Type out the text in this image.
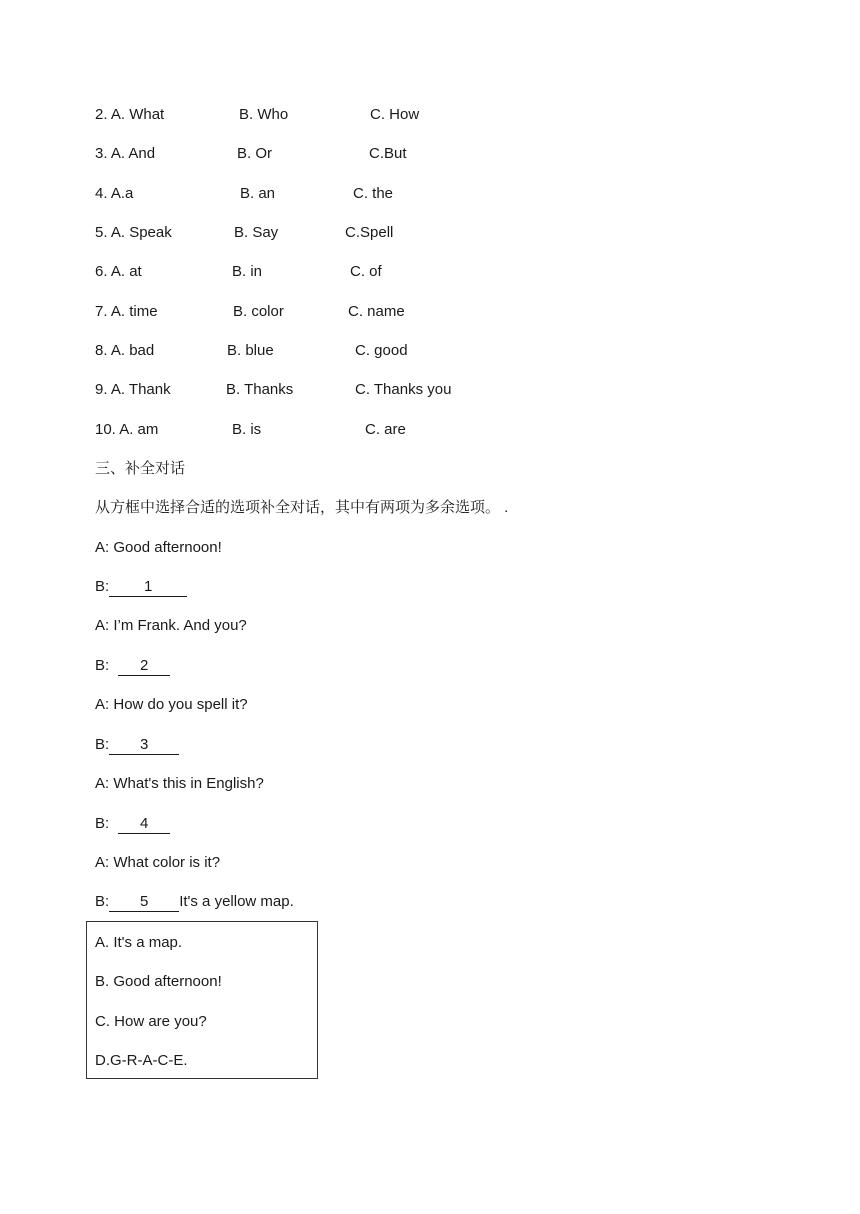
2. A. What	B. Who	C. How
3. A. And	B. Or	C.But
4. A.a	B. an	C. the
5. A. Speak	B. Say	C.Spell
6. A. at	B. in	C. of
7. A. time	B. color	C. name
8. A. bad	B. blue	C. good
9. A. Thank	B. Thanks	C. Thanks you
10. A. am	B. is	C. are
三、补全对话
从方框中选择合适的选项补全对话，其中有两项为多余选项。 .
A: Good afternoon!
B: 1
A: I’m Frank. And you?
B: 2
A: How do you spell it?
B: 3
A: What's this in English?
B: 4
A: What color is it?
B: 5 It's a yellow map.
A. It's a map.
B. Good afternoon!
C. How are you?
D.G-R-A-C-E.
